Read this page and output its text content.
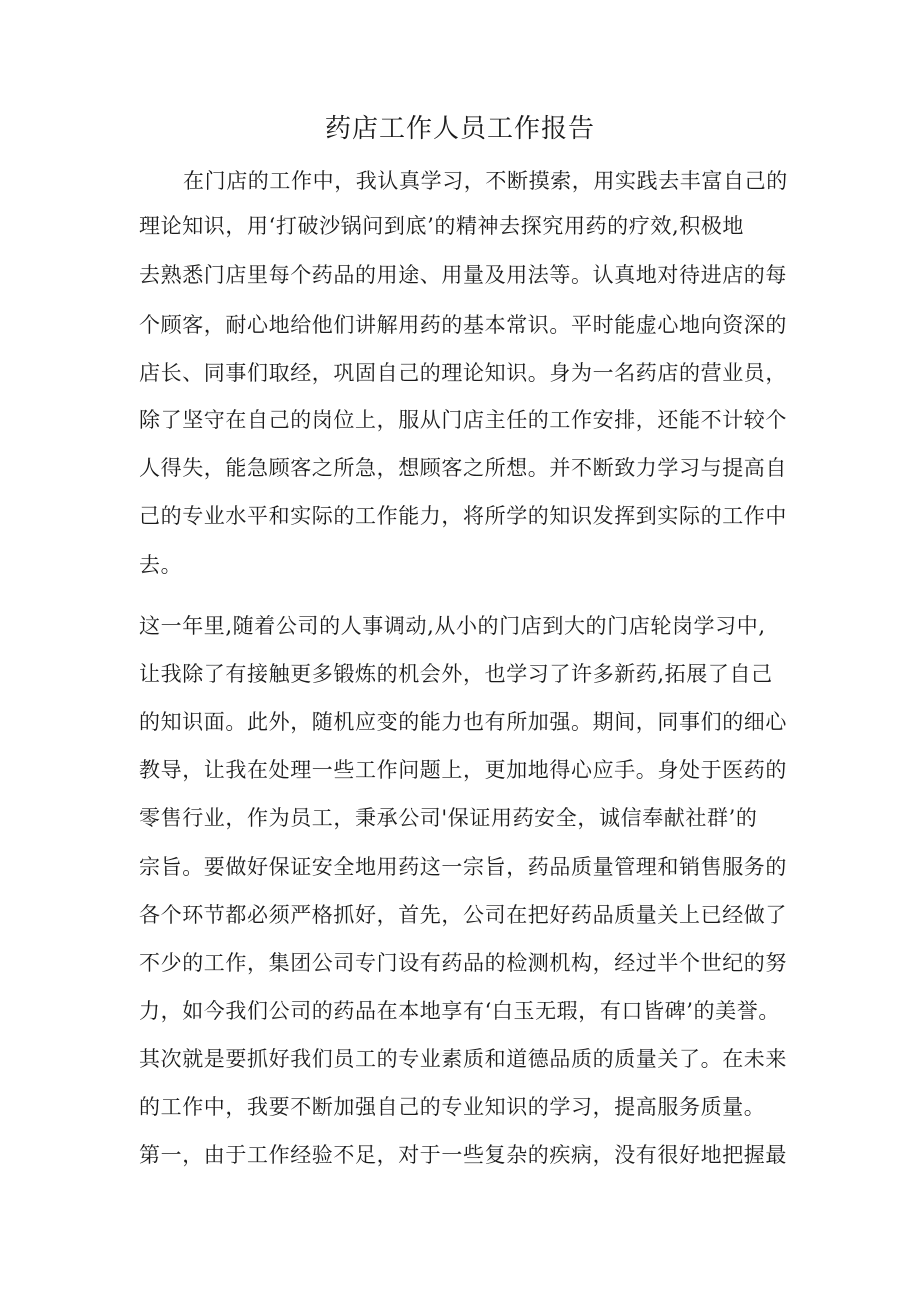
药店工作人员工作报告

在门店的工作中，我认真学习，不断摸索，用实践去丰富自己的

理论知识，用‘打破沙锅问到底’的精神去探究用药的疗效,积极地

去熟悉门店里每个药品的用途、用量及用法等。认真地对待进店的每

个顾客，耐心地给他们讲解用药的基本常识。平时能虚心地向资深的

店长、同事们取经，巩固自己的理论知识。身为一名药店的营业员，

除了坚守在自己的岗位上，服从门店主任的工作安排，还能不计较个

人得失，能急顾客之所急，想顾客之所想。并不断致力学习与提高自

己的专业水平和实际的工作能力，将所学的知识发挥到实际的工作中

去。

这一年里,随着公司的人事调动,从小的门店到大的门店轮岗学习中,

让我除了有接触更多锻炼的机会外，也学习了许多新药,拓展了自己

的知识面。此外，随机应变的能力也有所加强。期间，同事们的细心

教导，让我在处理一些工作问题上，更加地得心应手。身处于医药的

零售行业，作为员工，秉承公司'保证用药安全，诚信奉献社群’的

宗旨。要做好保证安全地用药这一宗旨，药品质量管理和销售服务的

各个环节都必须严格抓好，首先，公司在把好药品质量关上已经做了

不少的工作，集团公司专门设有药品的检测机构，经过半个世纪的努

力，如今我们公司的药品在本地享有‘白玉无瑕，有口皆碑’的美誉。

其次就是要抓好我们员工的专业素质和道德品质的质量关了。在未来

的工作中，我要不断加强自己的专业知识的学习，提高服务质量。

第一，由于工作经验不足，对于一些复杂的疾病，没有很好地把握最
